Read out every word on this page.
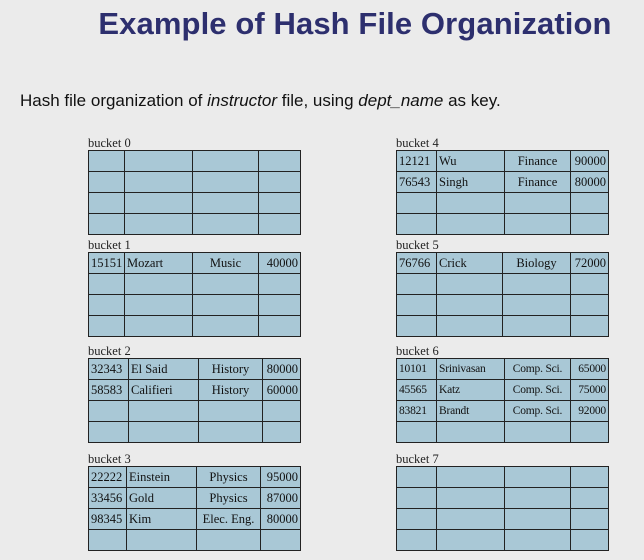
Example of Hash File Organization
Hash file organization of instructor file, using dept_name as key.
bucket 0

bucket 1
15151	Mozart	Music	40000

bucket 2
32343	El Said	History	80000
58583	Califieri	History	60000

bucket 3
22222	Einstein	Physics	95000
33456	Gold	Physics	87000
98345	Kim	Elec. Eng.	80000

bucket 4
12121	Wu	Finance	90000
76543	Singh	Finance	80000

bucket 5
76766	Crick	Biology	72000

bucket 6
10101	Srinivasan	Comp. Sci.	65000
45565	Katz	Comp. Sci.	75000
83821	Brandt	Comp. Sci.	92000

bucket 7
